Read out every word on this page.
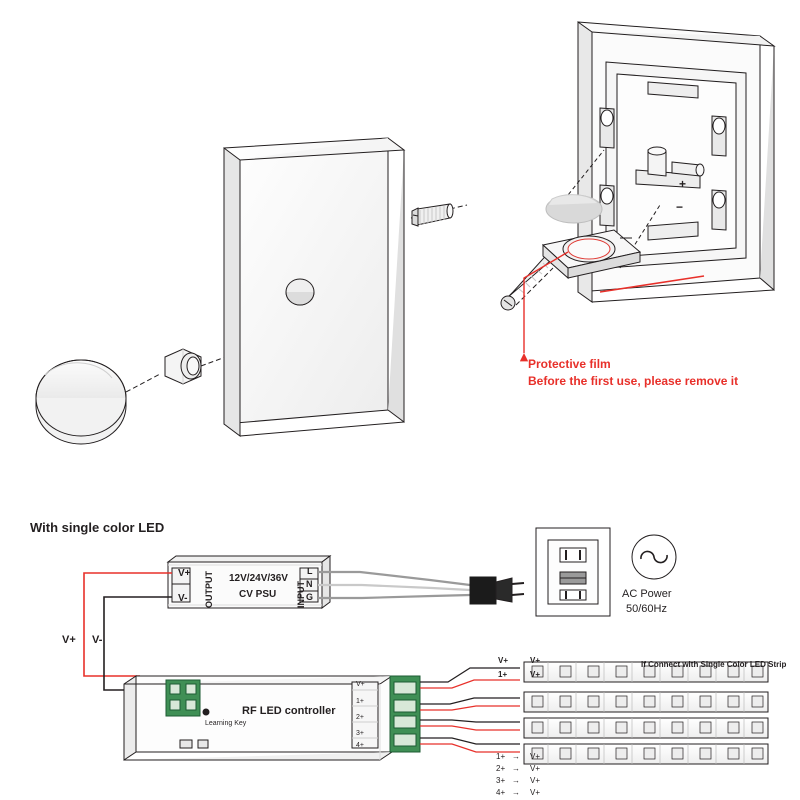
+
−
Protective film
Before the first use, please remove it
With single color LED
12V/24V/36V
CV PSU
OUTPUT	INPUT
V+
V-
L
N
G	AC Power
50/60Hz
V+ V-
RF LED controller
Learning Key
V+
1+
2+
3+
4+
V+	V+
1+	V+
If Connect with Single Color LED Strip
1+ → V+
2+ → V+
3+ → V+
4+ → V+
